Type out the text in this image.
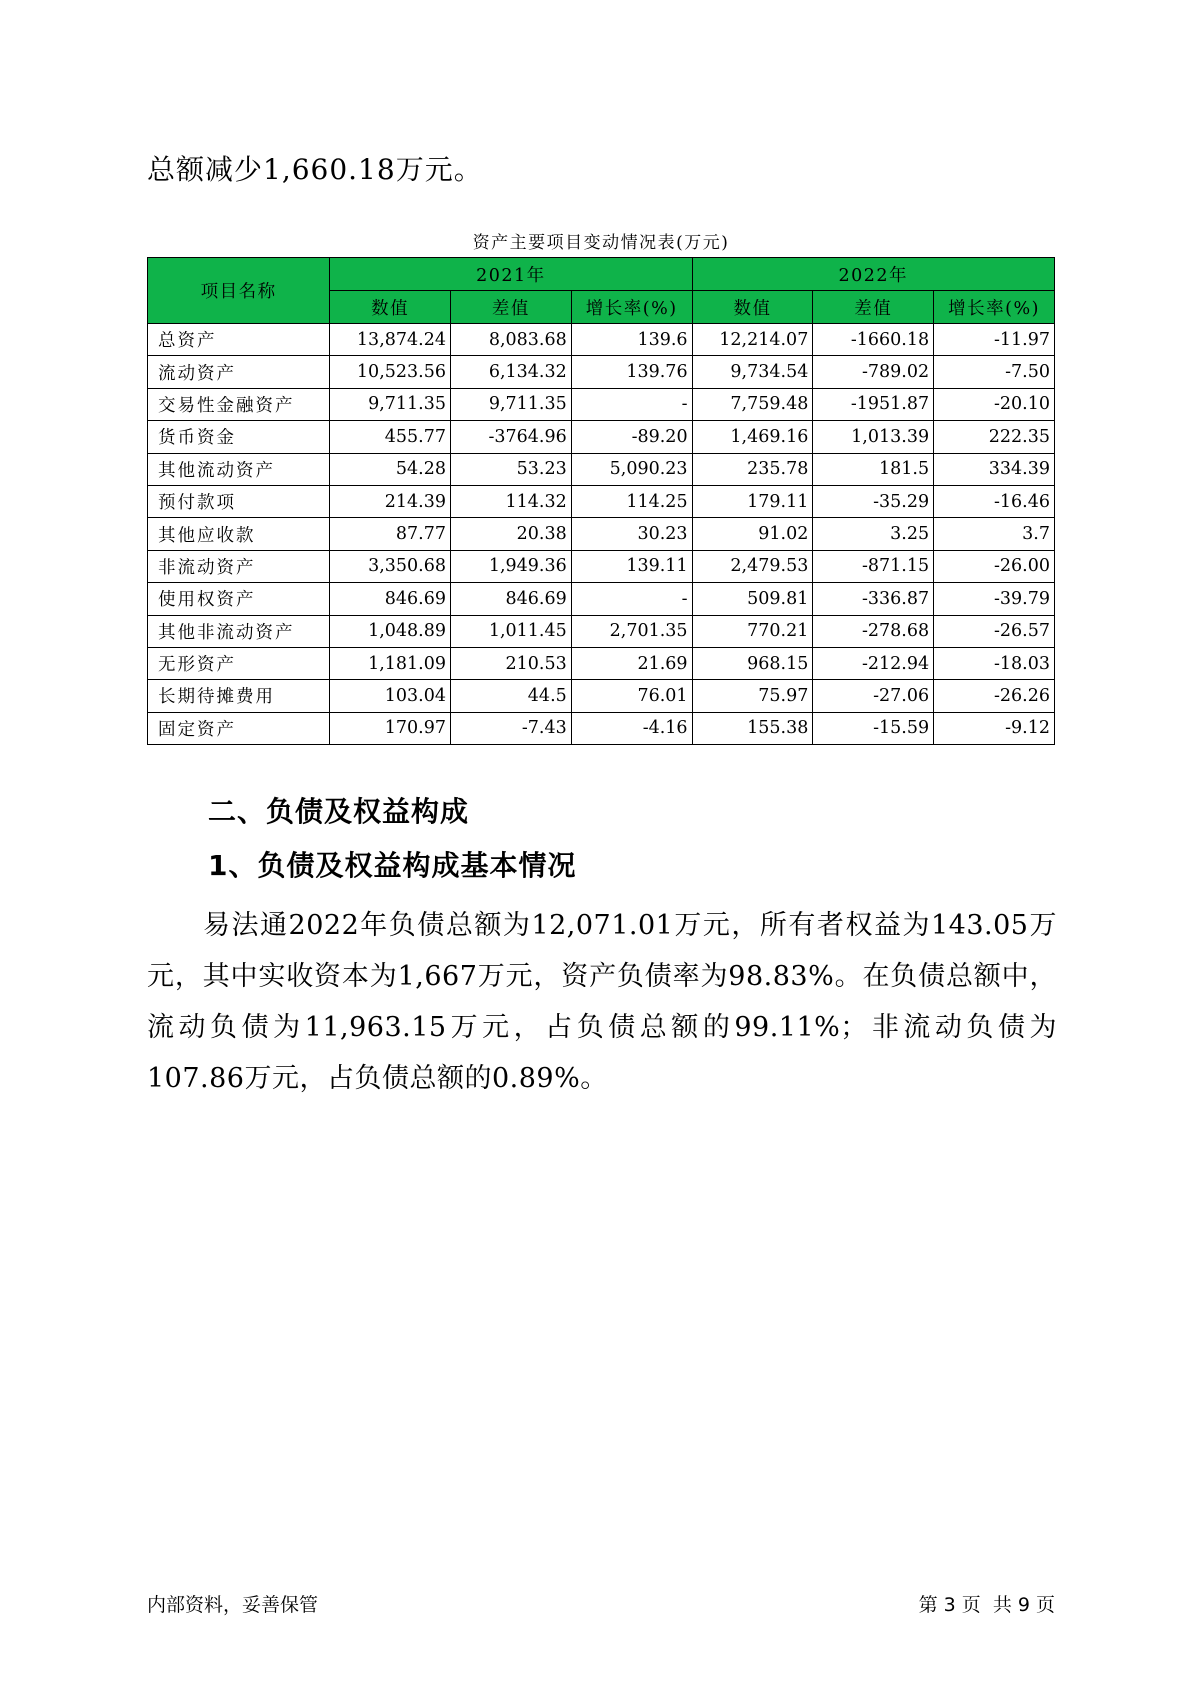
总额减少1,660.18万元。
资产主要项目变动情况表(万元)
项目名称	2021年			2022年		
	数值	差值	增长率(%)	数值	差值	增长率(%)
总资产	13,874.24	8,083.68	139.6	12,214.07	-1660.18	-11.97
流动资产	10,523.56	6,134.32	139.76	9,734.54	-789.02	-7.50
交易性金融资产	9,711.35	9,711.35	-	7,759.48	-1951.87	-20.10
货币资金	455.77	-3764.96	-89.20	1,469.16	1,013.39	222.35
其他流动资产	54.28	53.23	5,090.23	235.78	181.5	334.39
预付款项	214.39	114.32	114.25	179.11	-35.29	-16.46
其他应收款	87.77	20.38	30.23	91.02	3.25	3.7
非流动资产	3,350.68	1,949.36	139.11	2,479.53	-871.15	-26.00
使用权资产	846.69	846.69	-	509.81	-336.87	-39.79
其他非流动资产	1,048.89	1,011.45	2,701.35	770.21	-278.68	-26.57
无形资产	1,181.09	210.53	21.69	968.15	-212.94	-18.03
长期待摊费用	103.04	44.5	76.01	75.97	-27.06	-26.26
固定资产	170.97	-7.43	-4.16	155.38	-15.59	-9.12
二、负债及权益构成
1、负债及权益构成基本情况
易法通2022年负债总额为12,071.01万元，所有者权益为143.05万元，其中实收资本为1,667万元，资产负债率为98.83%。在负债总额中，流动负债为11,963.15万元，占负债总额的99.11%；非流动负债为107.86万元，占负债总额的0.89%。
内部资料，妥善保管	第 3 页  共 9 页
